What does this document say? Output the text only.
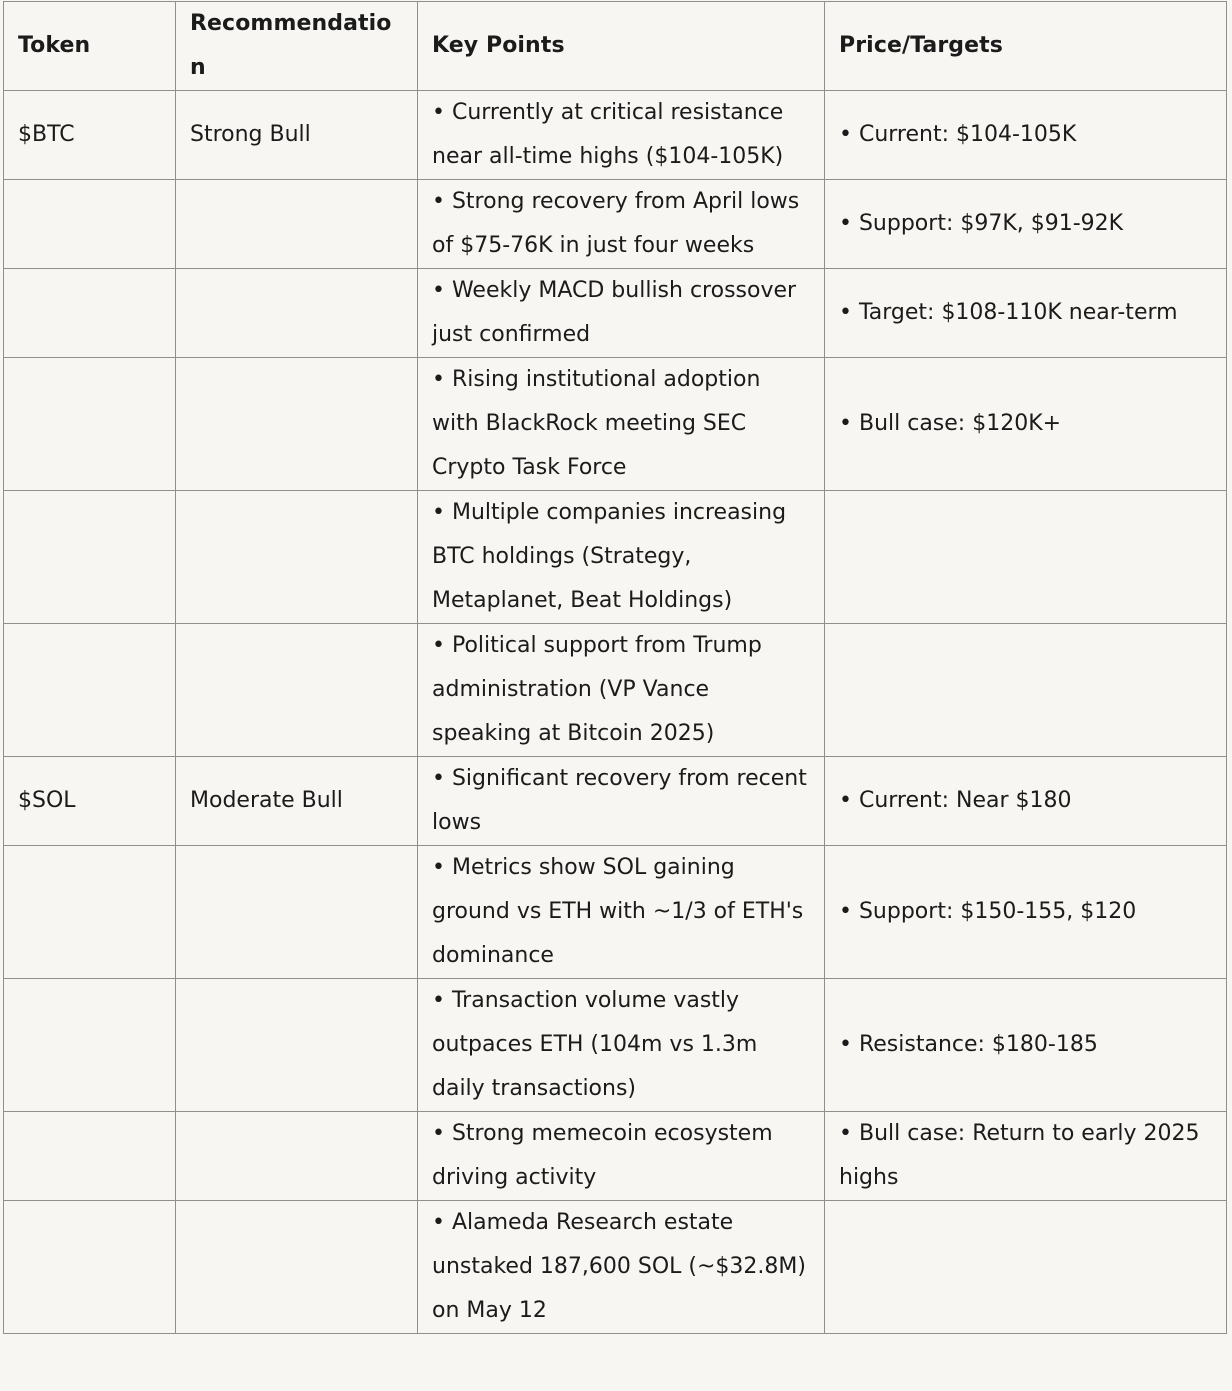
Token	Recommendation	Key Points	Price/Targets
$BTC	Strong Bull	• Currently at critical resistance near all-time highs ($104-105K)	• Current: $104-105K
		• Strong recovery from April lows of $75-76K in just four weeks	• Support: $97K, $91-92K
		• Weekly MACD bullish crossover just confirmed	• Target: $108-110K near-term
		• Rising institutional adoption with BlackRock meeting SEC Crypto Task Force	• Bull case: $120K+
		• Multiple companies increasing BTC holdings (Strategy, Metaplanet, Beat Holdings)	
		• Political support from Trump administration (VP Vance speaking at Bitcoin 2025)	
$SOL	Moderate Bull	• Significant recovery from recent lows	• Current: Near $180
		• Metrics show SOL gaining ground vs ETH with ~1/3 of ETH's dominance	• Support: $150-155, $120
		• Transaction volume vastly outpaces ETH (104m vs 1.3m daily transactions)	• Resistance: $180-185
		• Strong memecoin ecosystem driving activity	• Bull case: Return to early 2025 highs
		• Alameda Research estate unstaked 187,600 SOL (~$32.8M) on May 12	
